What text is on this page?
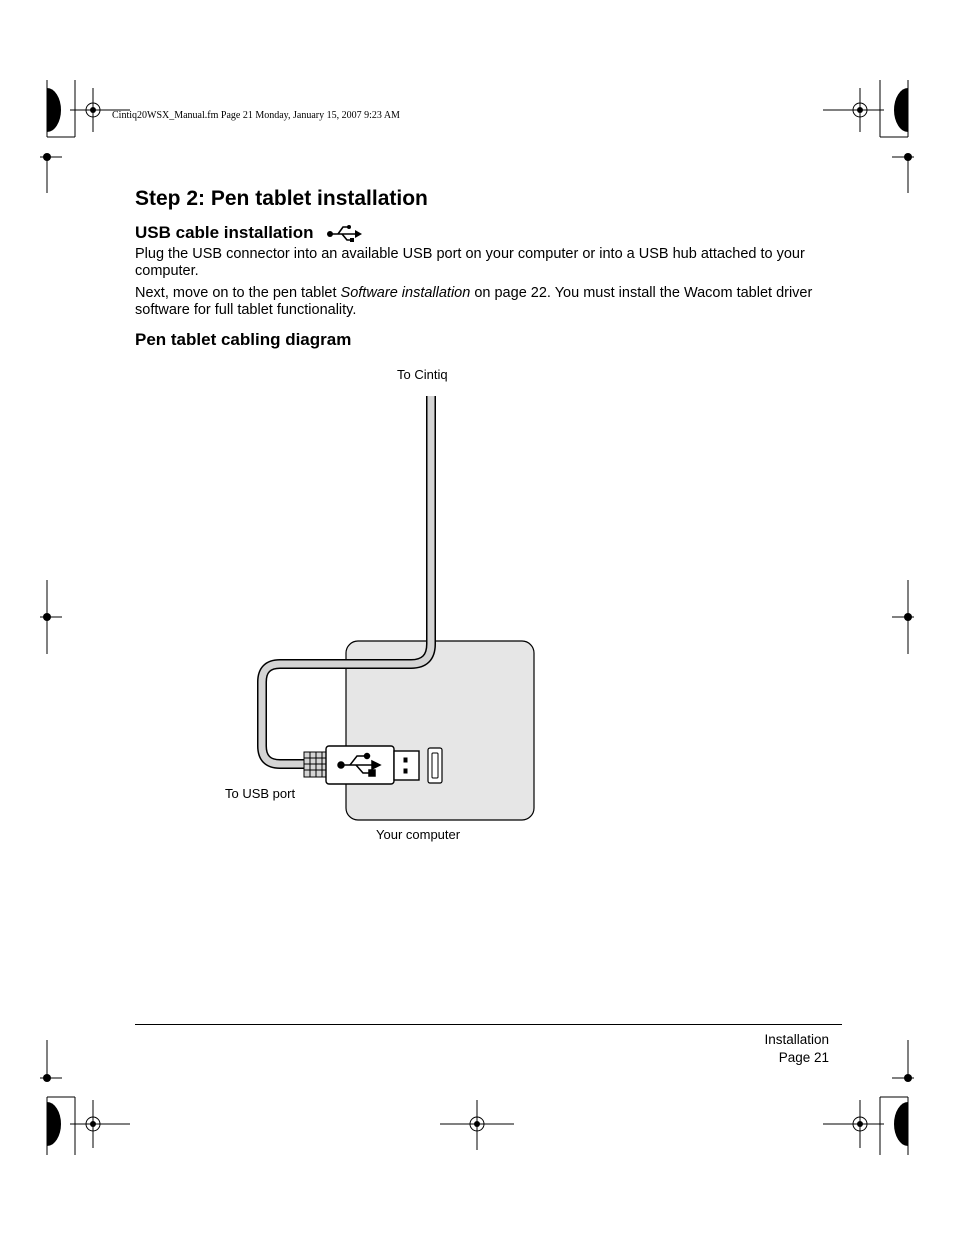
Cintiq20WSX_Manual.fm Page 21 Monday, January 15, 2007 9:23 AM
Step 2: Pen tablet installation
USB cable installation

Plug the USB connector into an available USB port on your computer or into a USB hub attached to your computer.

Next, move on to the pen tablet Software installation on page 22. You must install the Wacom tablet driver software for full tablet functionality.

Pen tablet cabling diagram
To Cintiq
To USB port
Your computer
Installation
Page 21
